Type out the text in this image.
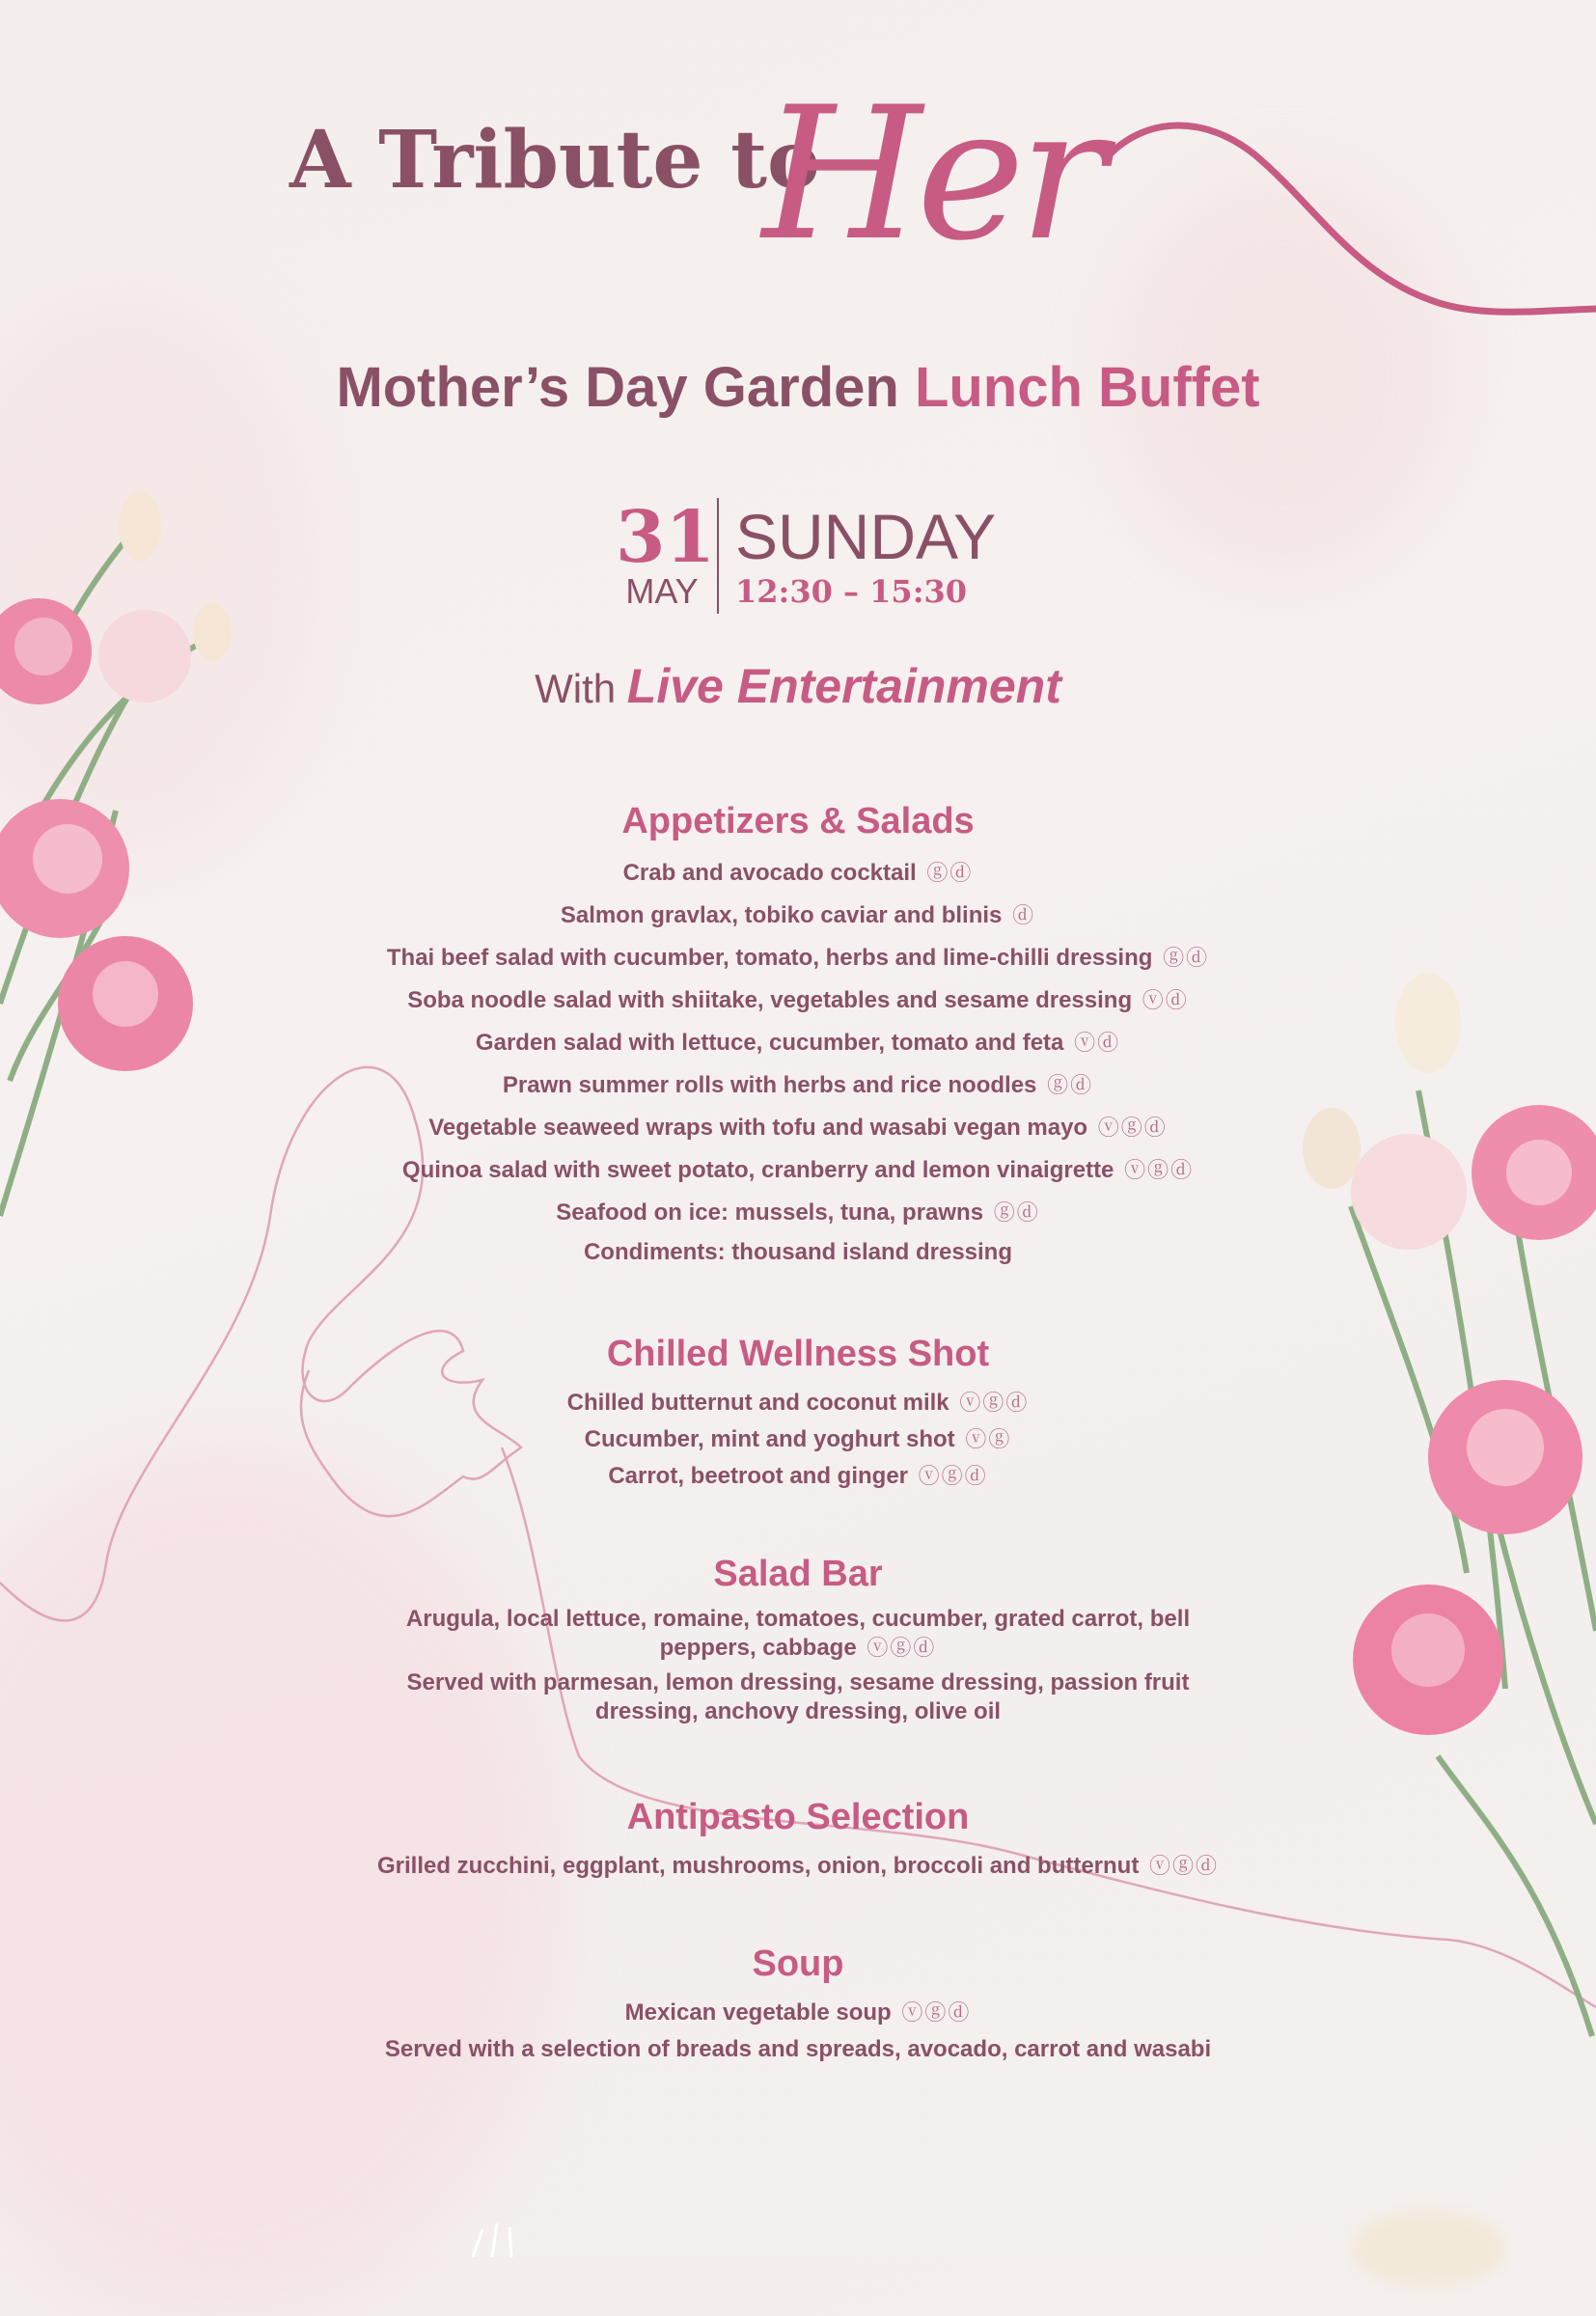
A Tribute to
Her
Mother’s Day Garden Lunch Buffet
31
MAY
SUNDAY
12:30 – 15:30
With Live Entertainment
Appetizers & Salads
Crab and avocado cocktail ⓖⓓ
Salmon gravlax, tobiko caviar and blinis ⓓ
Thai beef salad with cucumber, tomato, herbs and lime-chilli dressing ⓖⓓ
Soba noodle salad with shiitake, vegetables and sesame dressing ⓥⓓ
Garden salad with lettuce, cucumber, tomato and feta ⓥⓓ
Prawn summer rolls with herbs and rice noodles ⓖⓓ
Vegetable seaweed wraps with tofu and wasabi vegan mayo ⓥⓖⓓ
Quinoa salad with sweet potato, cranberry and lemon vinaigrette ⓥⓖⓓ
Seafood on ice: mussels, tuna, prawns ⓖⓓ
Condiments: thousand island dressing
Chilled Wellness Shot
Chilled butternut and coconut milk ⓥⓖⓓ
Cucumber, mint and yoghurt shot ⓥⓖ
Carrot, beetroot and ginger ⓥⓖⓓ
Salad Bar
Arugula, local lettuce, romaine, tomatoes, cucumber, grated carrot, bell peppers, cabbage ⓥⓖⓓ
Served with parmesan, lemon dressing, sesame dressing, passion fruit dressing, anchovy dressing, olive oil
Antipasto Selection
Grilled zucchini, eggplant, mushrooms, onion, broccoli and butternut ⓥⓖⓓ
Soup
Mexican vegetable soup ⓥⓖⓓ
Served with a selection of breads and spreads, avocado, carrot and wasabi
